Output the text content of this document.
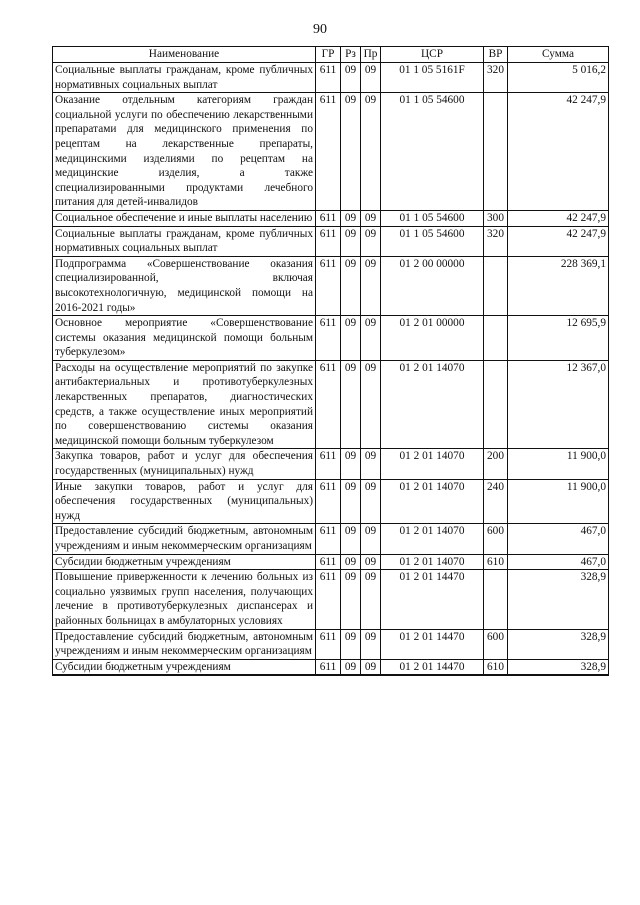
90
Наименование	ГР	Рз	Пр	ЦСР	ВР	Сумма
Социальные выплаты гражданам, кроме публичных нормативных социальных выплат	611	09	09	01 1 05 5161F	320	5 016,2
Оказание отдельным категориям граждан социальной услуги по обеспечению лекарственными препаратами для медицинского применения по рецептам на лекарственные препараты, медицинскими изделиями по рецептам на медицинские изделия, а также специализированными продуктами лечебного питания для детей-инвалидов	611	09	09	01 1 05 54600		42 247,9
Социальное обеспечение и иные выплаты населению	611	09	09	01 1 05 54600	300	42 247,9
Социальные выплаты гражданам, кроме публичных нормативных социальных выплат	611	09	09	01 1 05 54600	320	42 247,9
Подпрограмма «Совершенствование оказания специализированной, включая высокотехнологичную, медицинской помощи на 2016-2021 годы»	611	09	09	01 2 00 00000		228 369,1
Основное мероприятие «Совершенствование системы оказания медицинской помощи больным туберкулезом»	611	09	09	01 2 01 00000		12 695,9
Расходы на осуществление мероприятий по закупке антибактериальных и противотуберкулезных лекарственных препаратов, диагностических средств, а также осуществление иных мероприятий по совершенствованию системы оказания медицинской помощи больным туберкулезом	611	09	09	01 2 01 14070		12 367,0
Закупка товаров, работ и услуг для обеспечения государственных (муниципальных) нужд	611	09	09	01 2 01 14070	200	11 900,0
Иные закупки товаров, работ и услуг для обеспечения государственных (муниципальных) нужд	611	09	09	01 2 01 14070	240	11 900,0
Предоставление субсидий бюджетным, автономным учреждениям и иным некоммерческим организациям	611	09	09	01 2 01 14070	600	467,0
Субсидии бюджетным учреждениям	611	09	09	01 2 01 14070	610	467,0
Повышение приверженности к лечению больных из социально уязвимых групп населения, получающих лечение в противотуберкулезных диспансерах и районных больницах в амбулаторных условиях	611	09	09	01 2 01 14470		328,9
Предоставление субсидий бюджетным, автономным учреждениям и иным некоммерческим организациям	611	09	09	01 2 01 14470	600	328,9
Субсидии бюджетным учреждениям	611	09	09	01 2 01 14470	610	328,9
